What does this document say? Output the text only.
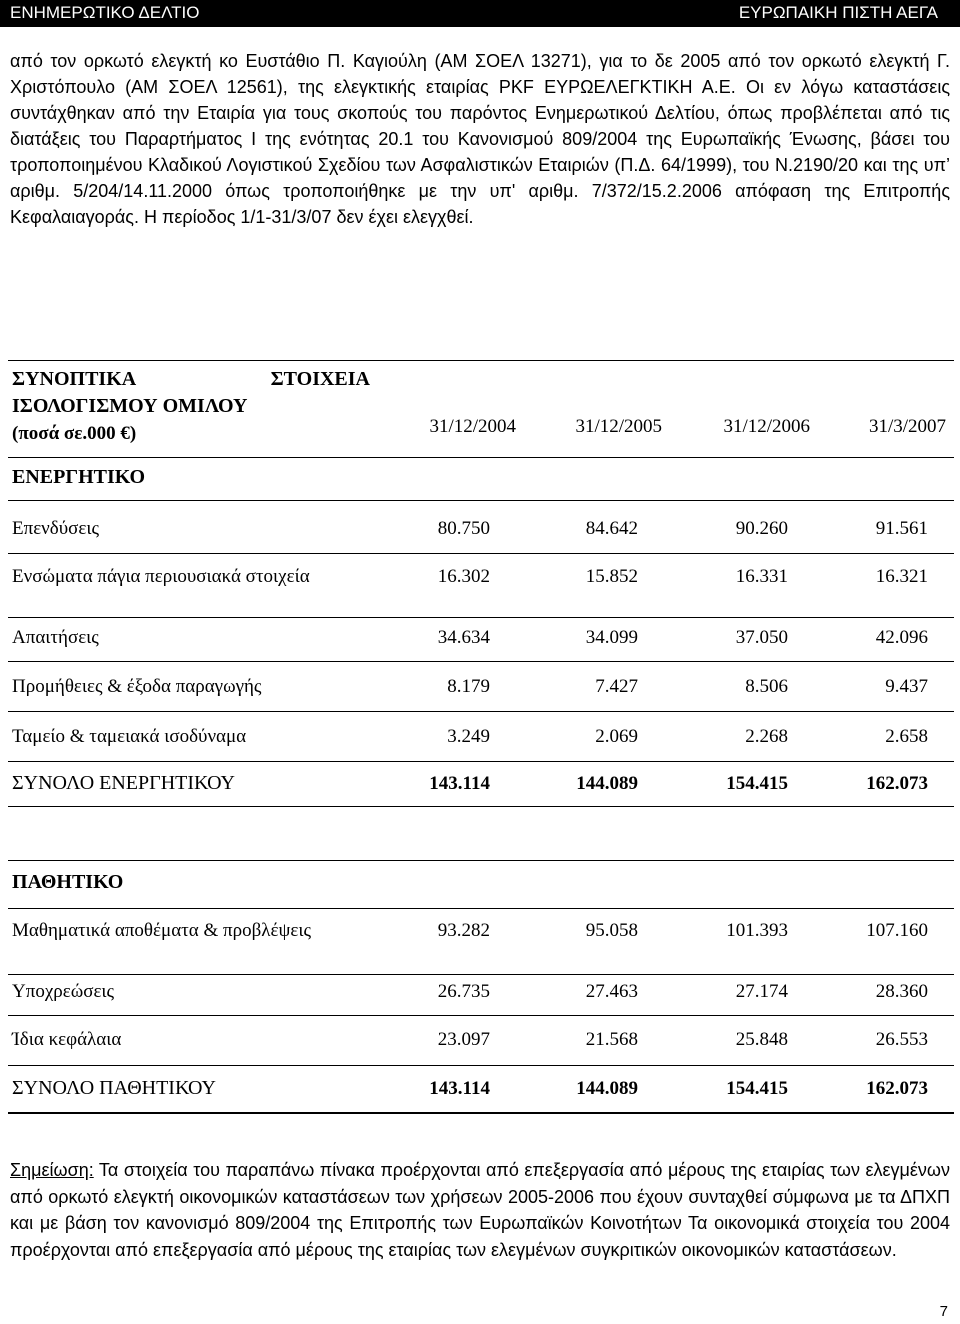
ΕΝΗΜΕΡΩΤΙΚΟ ΔΕΛΤΙΟ	ΕΥΡΩΠΑΙΚΗ ΠΙΣΤΗ ΑΕΓΑ

από τον ορκωτό ελεγκτή κο Ευστάθιο Π. Καγιούλη (ΑΜ ΣΟΕΛ 13271), για το δε 2005 από τον ορκωτό ελεγκτή Γ. Χριστόπουλο (ΑΜ ΣΟΕΛ 12561), της ελεγκτικής εταιρίας PKF ΕΥΡΩΕΛΕΓΚΤΙΚΗ Α.Ε. Οι εν λόγω καταστάσεις συντάχθηκαν από την Εταιρία για τους σκοπούς του παρόντος Ενημερωτικού Δελτίου, όπως προβλέπεται από τις διατάξεις του Παραρτήματος Ι της ενότητας 20.1 του Κανονισμού 809/2004 της Ευρωπαϊκής Ένωσης, βάσει του τροποποιημένου Κλαδικού Λογιστικού Σχεδίου των Ασφαλιστικών Εταιριών (Π.Δ. 64/1999), του Ν.2190/20 και της υπ’ αριθμ. 5/204/14.11.2000 όπως τροποποιήθηκε με την υπ' αριθμ. 7/372/15.2.2006 απόφαση της Επιτροπής Κεφαλαιαγοράς. Η περίοδος 1/1-31/3/07 δεν έχει ελεγχθεί.

ΣΥΝΟΠΤΙΚΑ	ΣΤΟΙΧΕΙΑ
ΙΣΟΛΟΓΙΣΜΟΥ ΟΜΙΛΟΥ
(ποσά σε.000 €)	31/12/2004	31/12/2005	31/12/2006	31/3/2007
ΕΝΕΡΓΗΤΙΚΟ
Επενδύσεις	80.750	84.642	90.260	91.561
Ενσώματα πάγια περιουσιακά στοιχεία	16.302	15.852	16.331	16.321
Απαιτήσεις	34.634	34.099	37.050	42.096
Προμήθειες & έξοδα παραγωγής	8.179	7.427	8.506	9.437
Ταμείο & ταμειακά ισοδύναμα	3.249	2.069	2.268	2.658
ΣΥΝΟΛΟ ΕΝΕΡΓΗΤΙΚΟΥ	143.114	144.089	154.415	162.073
ΠΑΘΗΤΙΚΟ
Μαθηματικά αποθέματα & προβλέψεις	93.282	95.058	101.393	107.160
Υποχρεώσεις	26.735	27.463	27.174	28.360
Ίδια κεφάλαια	23.097	21.568	25.848	26.553
ΣΥΝΟΛΟ ΠΑΘΗΤΙΚΟΥ	143.114	144.089	154.415	162.073

Σημείωση: Τα στοιχεία του παραπάνω πίνακα προέρχονται από επεξεργασία από μέρους της εταιρίας των ελεγμένων από ορκωτό ελεγκτή οικονομικών καταστάσεων των χρήσεων 2005-2006 που έχουν συνταχθεί σύμφωνα με τα ΔΠΧΠ και με βάση τον κανονισμό 809/2004 της Επιτροπής των Ευρωπαϊκών Κοινοτήτων Τα οικονομικά στοιχεία του 2004 προέρχονται από επεξεργασία από μέρους της εταιρίας των ελεγμένων συγκριτικών οικονομικών καταστάσεων.

7
